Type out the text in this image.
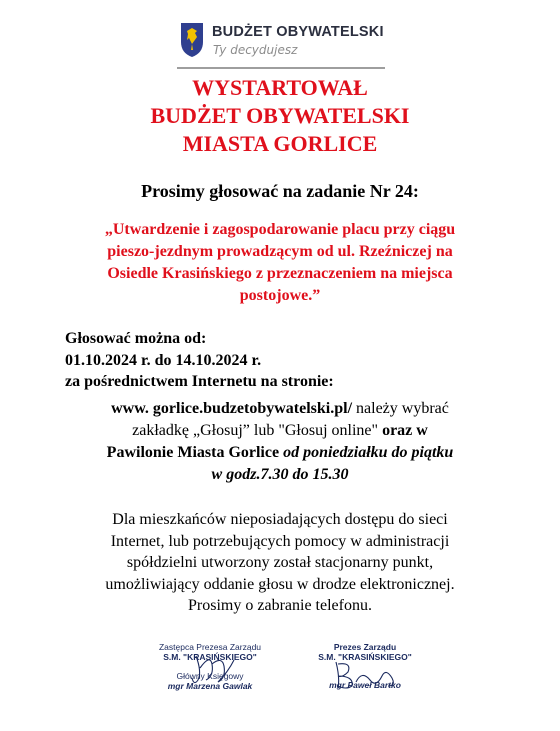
BUDŻET OBYWATELSKI
Ty decydujesz
WYSTARTOWAŁ
BUDŻET OBYWATELSKI
MIASTA GORLICE
Prosimy głosować na zadanie Nr 24:
„Utwardzenie i zagospodarowanie placu przy ciągu
pieszo-jezdnym prowadzącym od ul. Rzeźniczej na
Osiedle Krasińskiego z przeznaczeniem na miejsca
postojowe.”
Głosować można od:
01.10.2024 r. do 14.10.2024 r.
za pośrednictwem Internetu na stronie:
www. gorlice.budzetobywatelski.pl/ należy wybrać
zakładkę „Głosuj” lub "Głosuj online" oraz w
Pawilonie Miasta Gorlice od poniedziałku do piątku
w godz.7.30 do 15.30
Dla mieszkańców nieposiadających dostępu do sieci
Internet, lub potrzebujących pomocy w administracji
spółdzielni utworzony został stacjonarny punkt,
umożliwiający oddanie głosu w drodze elektronicznej.
Prosimy o zabranie telefonu.
Zastępca Prezesa Zarządu
S.M. "KRASIŃSKIEGO"
Główny Księgowy
mgr Marzena Gawlak
Prezes Zarządu
S.M. "KRASIŃSKIEGO"
mgr Paweł Bartko
